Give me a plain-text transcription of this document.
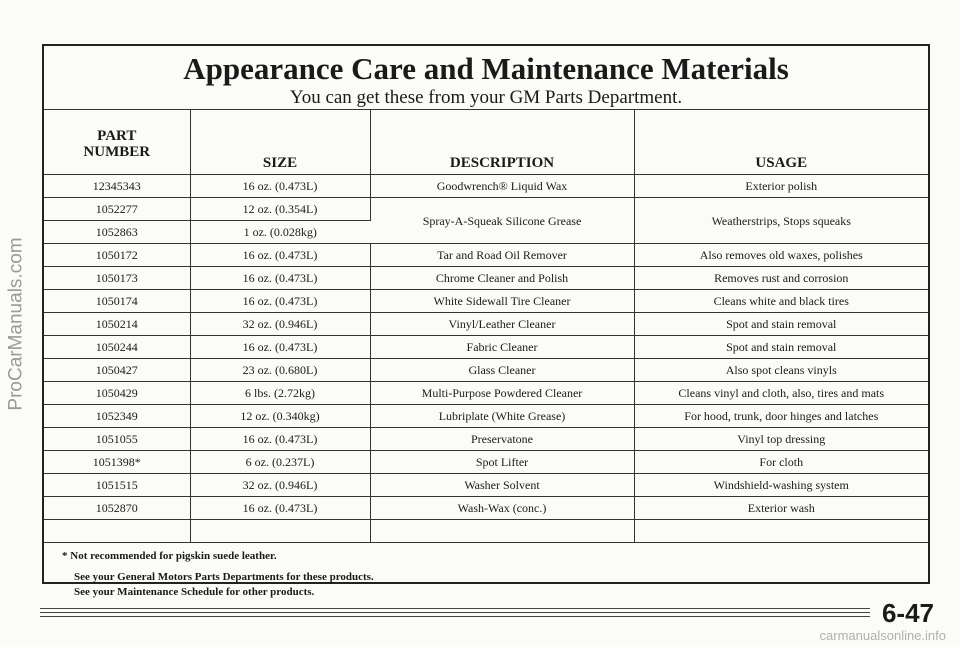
ProCarManuals.com
Appearance Care and Maintenance Materials

You can get these from your GM Parts Department.

PART
NUMBER	SIZE	DESCRIPTION	USAGE
12345343	16 oz. (0.473L)	Goodwrench® Liquid Wax	Exterior polish
1052277	12 oz. (0.354L)	Spray-A-Squeak Silicone Grease	Weatherstrips, Stops squeaks
1052863	1 oz. (0.028kg)		
1050172	16 oz. (0.473L)	Tar and Road Oil Remover	Also removes old waxes, polishes
1050173	16 oz. (0.473L)	Chrome Cleaner and Polish	Removes rust and corrosion
1050174	16 oz. (0.473L)	White Sidewall Tire Cleaner	Cleans white and black tires
1050214	32 oz. (0.946L)	Vinyl/Leather Cleaner	Spot and stain removal
1050244	16 oz. (0.473L)	Fabric Cleaner	Spot and stain removal
1050427	23 oz. (0.680L)	Glass Cleaner	Also spot cleans vinyls
1050429	6 lbs. (2.72kg)	Multi-Purpose Powdered Cleaner	Cleans vinyl and cloth, also, tires and mats
1052349	12 oz. (0.340kg)	Lubriplate (White Grease)	For hood, trunk, door hinges and latches
1051055	16 oz. (0.473L)	Preservatone	Vinyl top dressing
1051398*	6 oz. (0.237L)	Spot Lifter	For cloth
1051515	32 oz. (0.946L)	Washer Solvent	Windshield-washing system
1052870	16 oz. (0.473L)	Wash-Wax (conc.)	Exterior wash

* Not recommended for pigskin suede leather.
See your General Motors Parts Departments for these products.
See your Maintenance Schedule for other products.
6-47
carmanualsonline.info
